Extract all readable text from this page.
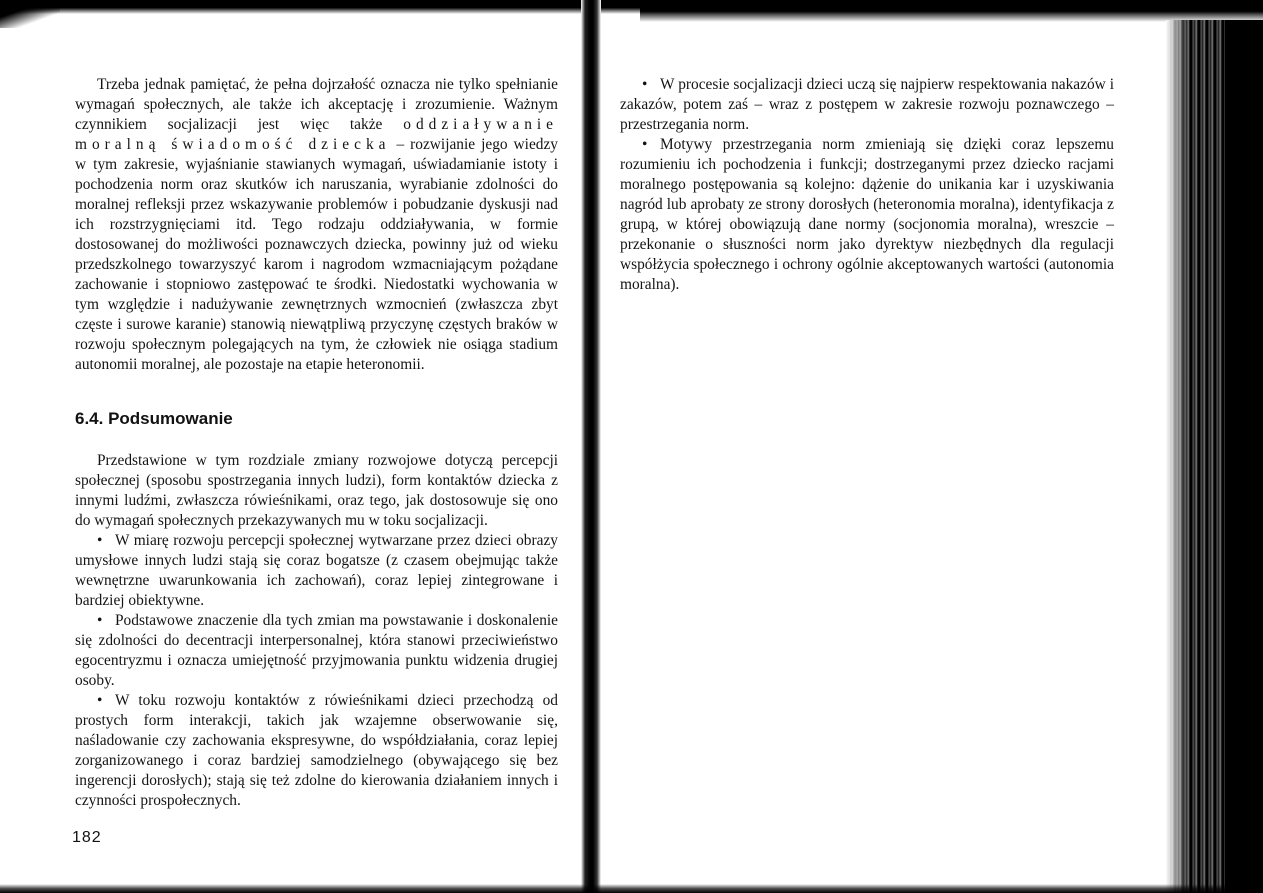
Trzeba jednak pamiętać, że pełna dojrzałość oznacza nie tylko spełnianie wymagań społecznych, ale także ich akceptację i zrozumienie. Ważnym czynnikiem socjalizacji jest więc także oddziaływanie moralną świadomość dziecka – rozwijanie jego wiedzy w tym zakresie, wyjaśnianie stawianych wymagań, uświadamianie istoty i pochodzenia norm oraz skutków ich naruszania, wyrabianie zdolności do moralnej refleksji przez wskazywanie problemów i pobudzanie dyskusji nad ich rozstrzygnięciami itd. Tego rodzaju oddziaływania, w formie dostosowanej do możliwości poznawczych dziecka, powinny już od wieku przedszkolnego towarzyszyć karom i nagrodom wzmacniającym pożądane zachowanie i stopniowo zastępować te środki. Niedostatki wychowania w tym względzie i nadużywanie zewnętrznych wzmocnień (zwłaszcza zbyt częste i surowe karanie) stanowią niewątpliwą przyczynę częstych braków w rozwoju społecznym polegających na tym, że człowiek nie osiąga stadium autonomii moralnej, ale pozostaje na etapie heteronomii.

6.4. Podsumowanie

Przedstawione w tym rozdziale zmiany rozwojowe dotyczą percepcji społecznej (sposobu spostrzegania innych ludzi), form kontaktów dziecka z innymi ludźmi, zwłaszcza rówieśnikami, oraz tego, jak dostosowuje się ono do wymagań społecznych przekazywanych mu w toku socjalizacji.

• W miarę rozwoju percepcji społecznej wytwarzane przez dzieci obrazy umysłowe innych ludzi stają się coraz bogatsze (z czasem obejmując także wewnętrzne uwarunkowania ich zachowań), coraz lepiej zintegrowane i bardziej obiektywne.

• Podstawowe znaczenie dla tych zmian ma powstawanie i doskonalenie się zdolności do decentracji interpersonalnej, która stanowi przeciwieństwo egocentryzmu i oznacza umiejętność przyjmowania punktu widzenia drugiej osoby.

• W toku rozwoju kontaktów z rówieśnikami dzieci przechodzą od prostych form interakcji, takich jak wzajemne obserwowanie się, naśladowanie czy zachowania ekspresywne, do współdziałania, coraz lepiej zorganizowanego i coraz bardziej samodzielnego (obywającego się bez ingerencji dorosłych); stają się też zdolne do kierowania działaniem innych i czynności prospołecznych.

182

• W procesie socjalizacji dzieci uczą się najpierw respektowania nakazów i zakazów, potem zaś – wraz z postępem w zakresie rozwoju poznawczego – przestrzegania norm.

• Motywy przestrzegania norm zmieniają się dzięki coraz lepszemu rozumieniu ich pochodzenia i funkcji; dostrzeganymi przez dziecko racjami moralnego postępowania są kolejno: dążenie do unikania kar i uzyskiwania nagród lub aprobaty ze strony dorosłych (heteronomia moralna), identyfikacja z grupą, w której obowiązują dane normy (socjonomia moralna), wreszcie – przekonanie o słuszności norm jako dyrektyw niezbędnych dla regulacji współżycia społecznego i ochrony ogólnie akceptowanych wartości (autonomia moralna).
